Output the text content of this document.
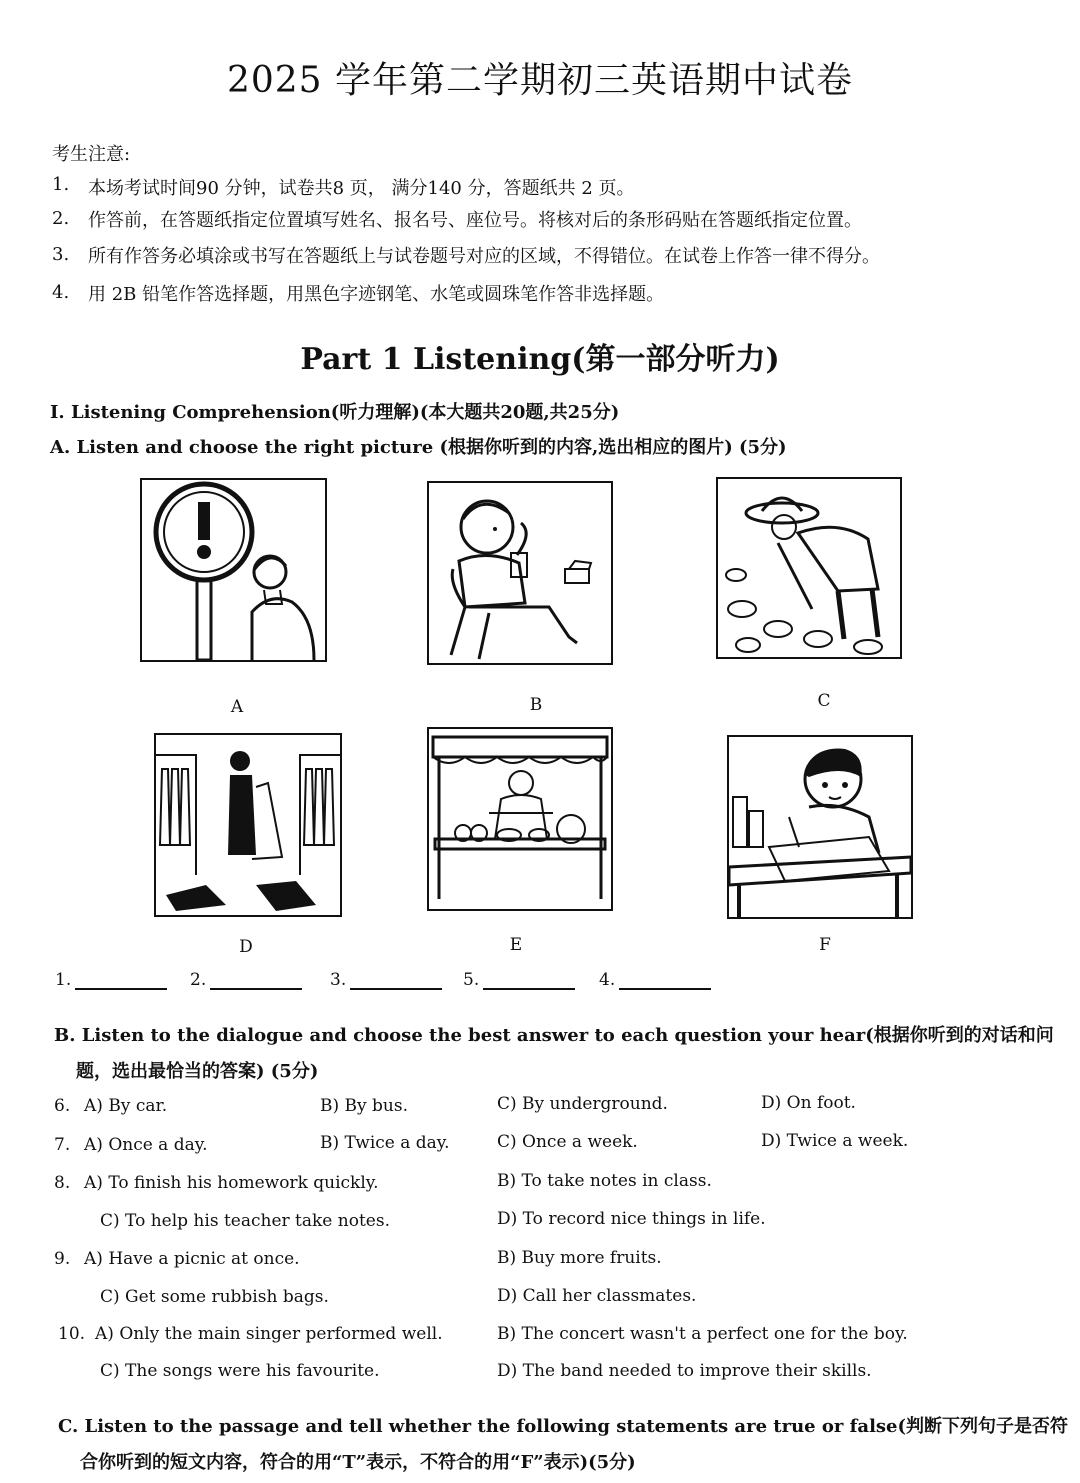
2025 学年第二学期初三英语期中试卷
考生注意:
1. 本场考试时间90 分钟，试卷共8 页， 满分140 分，答题纸共 2 页。
2. 作答前，在答题纸指定位置填写姓名、报名号、座位号。将核对后的条形码贴在答题纸指定位置。
3. 所有作答务必填涂或书写在答题纸上与试卷题号对应的区域，不得错位。在试卷上作答一律不得分。
4. 用 2B 铅笔作答选择题，用黑色字迹钢笔、水笔或圆珠笔作答非选择题。
Part 1 Listening(第一部分听力)
I. Listening Comprehension(听力理解)(本大题共20题,共25分)
A. Listen and choose the right picture (根据你听到的内容,选出相应的图片) (5分)
A	B	C
D	E	F
1.	2.	3.	5.	4.
B. Listen to the dialogue and choose the best answer to each question your hear(根据你听到的对话和问
题，选出最恰当的答案) (5分)
6. A) By car.	B) By bus.	C) By underground.	D) On foot.
7. A) Once a day.	B) Twice a day.	C) Once a week.	D) Twice a week.
8. A) To finish his homework quickly.	B) To take notes in class.
C) To help his teacher take notes.	D) To record nice things in life.
9. A) Have a picnic at once.	B) Buy more fruits.
C) Get some rubbish bags.	D) Call her classmates.
10. A) Only the main singer performed well.	B) The concert wasn't a perfect one for the boy.
C) The songs were his favourite.	D) The band needed to improve their skills.
C. Listen to the passage and tell whether the following statements are true or false(判断下列句子是否符
合你听到的短文内容，符合的用“T”表示，不符合的用“F”表示)(5分)
